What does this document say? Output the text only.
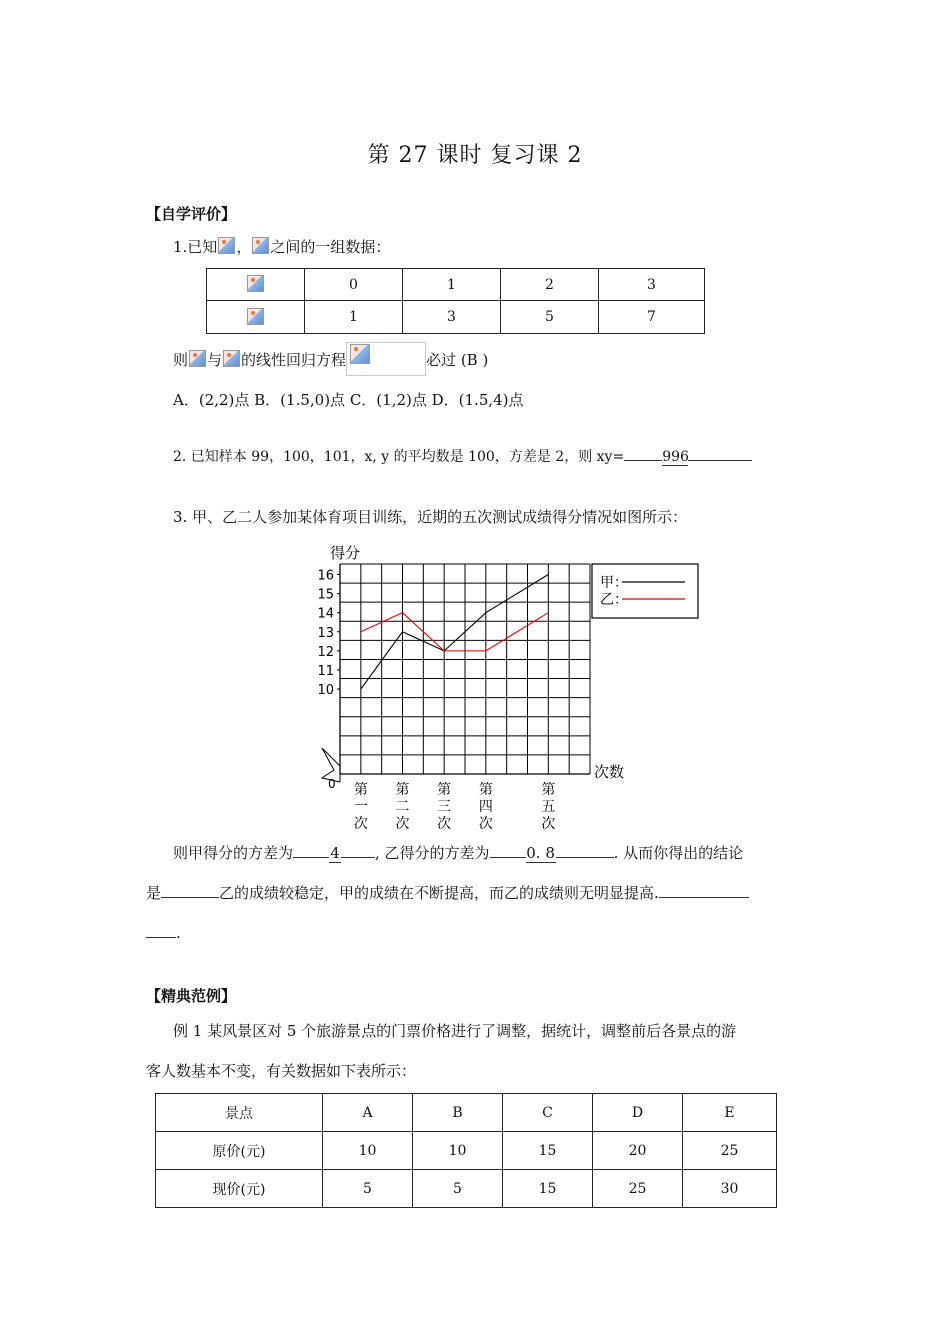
第 27 课时 复习课 2
【自学评价】
1.已知 ， 之间的一组数据：
	0	1	2	3
	1	3	5	7
则 与 的线性回归方程	必过 (B )
A．(2,2)点 B．(1.5,0)点 C．(1,2)点 D．(1.5,4)点
2. 已知样本 99，100，101，x, y 的平均数是 100，方差是 2，则 xy=	996
3. 甲、乙二人参加某体育项目训练，近期的五次测试成绩得分情况如图所示：
16
15
14
13
12
11
10
得分
次数
0 第
一
次
第
二
次
第
三
次
第
四
次
第
五
次
甲：
乙：
则甲得分的方差为 4 , 乙得分的方差为 0. 8	. 从而你得出的结论
是	乙的成绩较稳定，甲的成绩在不断提高，而乙的成绩则无明显提高.
.
【精典范例】
例 1 某风景区对 5 个旅游景点的门票价格进行了调整，据统计，调整前后各景点的游
客人数基本不变，有关数据如下表所示：
景点	A	B	C	D	E
原价(元)	10	10	15	20	25
现价(元)	5	5	15	25	30
